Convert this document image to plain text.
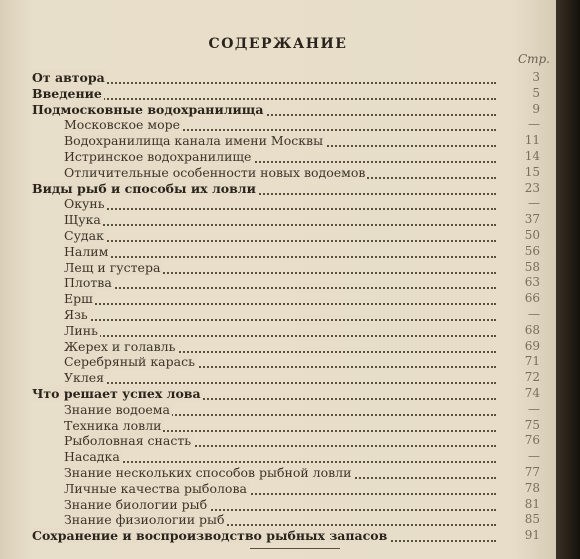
СОДЕРЖАНИЕ
Стр.
От автора	3
Введение	5
Подмосковные водохранилища	9
Московское море	—
Водохранилища канала имени Москвы	11
Истринское водохранилище	14
Отличительные особенности новых водоемов	15
Виды рыб и способы их ловли	23
Окунь	—
Щука	37
Судак	50
Налим	56
Лещ и густера	58
Плотва	63
Ерш	66
Язь	—
Линь	68
Жерех и голавль	69
Серебряный карась	71
Уклея	72
Что решает успех лова	74
Знание водоема	—
Техника ловли	75
Рыболовная снасть	76
Насадка	—
Знание нескольких способов рыбной ловли	77
Личные качества рыболова	78
Знание биологии рыб	81
Знание физиологии рыб	85
Сохранение и воспроизводство рыбных запасов	91
